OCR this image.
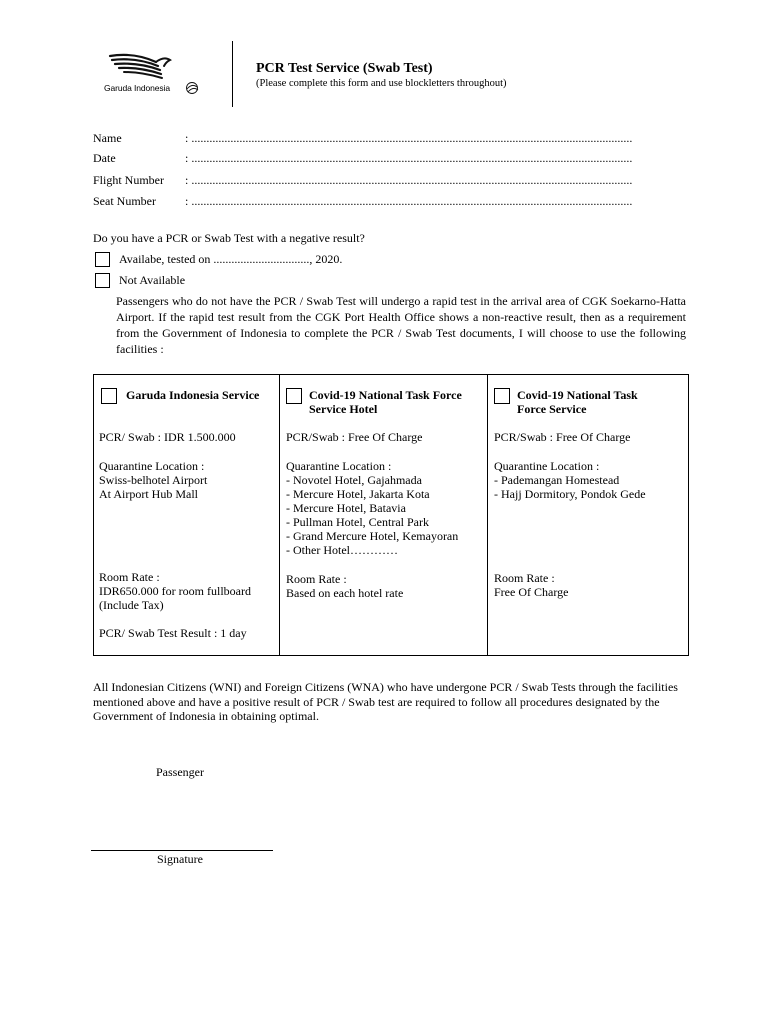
Garuda Indonesia
PCR Test Service (Swab Test)
(Please complete this form and use blockletters throughout)
Name	: ...................................................................................................................................................
Date	: ...................................................................................................................................................
Flight Number : ...................................................................................................................................................
Seat Number : ...................................................................................................................................................
Do you have a PCR or Swab Test with a negative result?
Availabe, tested on ................................, 2020.
Not Available
Passengers who do not have the PCR / Swab Test will undergo a rapid test in the arrival area of CGK Soekarno-Hatta Airport. If the rapid test result from the CGK Port Health Office shows a non-reactive result, then as a requirement from the Government of Indonesia to complete the PCR / Swab Test documents, I will choose to use the following facilities :
Garuda Indonesia Service
PCR/ Swab : IDR 1.500.000
Quarantine Location :
Swiss-belhotel Airport
At Airport Hub Mall
Room Rate :
IDR650.000 for room fullboard
(Include Tax)
PCR/ Swab Test Result : 1 day
Covid-19 National Task Force
Service Hotel
PCR/Swab : Free Of Charge
Quarantine Location :
- Novotel Hotel, Gajahmada
- Mercure Hotel, Jakarta Kota
- Mercure Hotel, Batavia
- Pullman Hotel, Central Park
- Grand Mercure Hotel, Kemayoran
- Other Hotel…………
Room Rate :
Based on each hotel rate
Covid-19 National Task
Force Service
PCR/Swab : Free Of Charge
Quarantine Location :
- Pademangan Homestead
- Hajj Dormitory, Pondok Gede
Room Rate :
Free Of Charge
All Indonesian Citizens (WNI) and Foreign Citizens (WNA) who have undergone PCR / Swab Tests through the facilities mentioned above and have a positive result of PCR / Swab test are required to follow all procedures designated by the Government of Indonesia in obtaining optimal.
Passenger
Signature
